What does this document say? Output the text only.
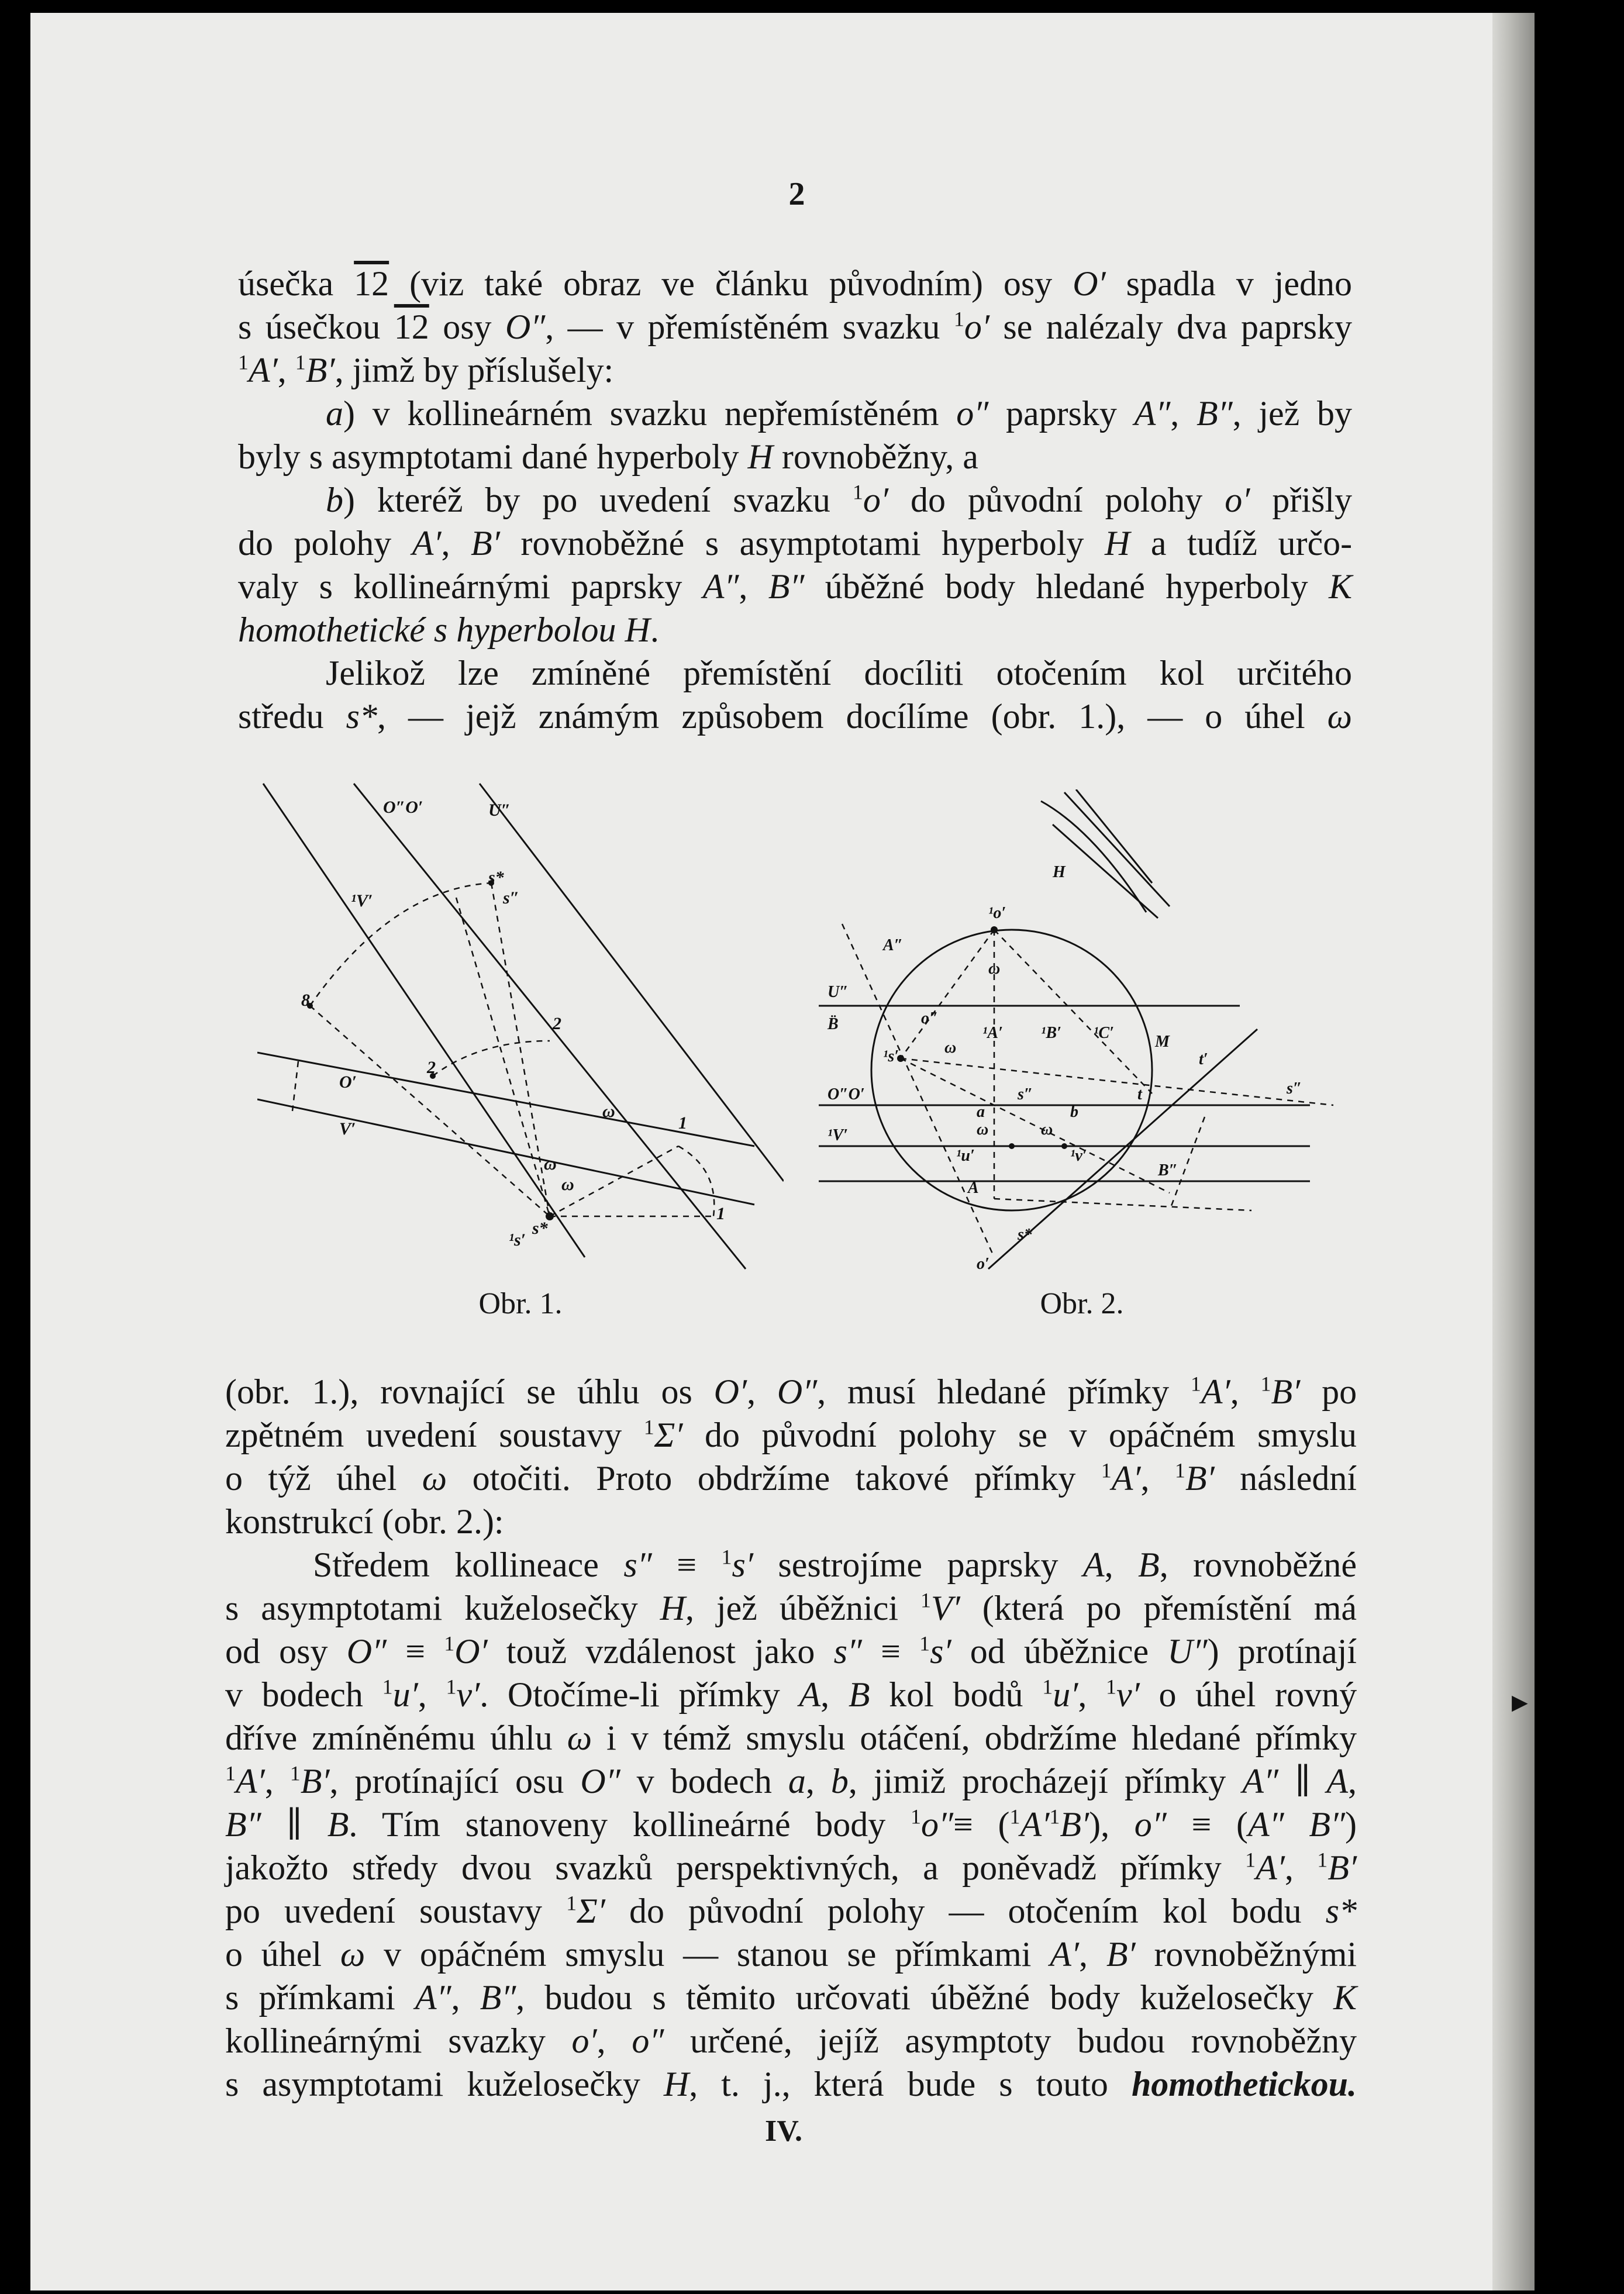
2
úsečka 12 (viz také obraz ve článku původním) osy O′ spadla v jedno
s úsečkou 12 osy O″, — v přemístěném svazku $^1$o′ se nalézaly dva paprsky
$^1$A′, $^1$B′, jimž by příslušely:
a) v kollineárném svazku nepřemístěném o″ paprsky A″, B″, jež by
byly s asymptotami dané hyperboly H rovnoběžny, a
b) kteréž by po uvedení svazku $^1$o′ do původní polohy o′ přišly
do polohy A′, B′ rovnoběžné s asymptotami hyperboly H a tudíž určo-
valy s kollineárnými paprsky A″, B″ úběžné body hledané hyperboly K
homothetické s hyperbolou H.
Jelikož lze zmíněné přemístění docíliti otočením kol určitého
středu s*, — jejž známým způsobem docílíme (obr. 1.), — o úhel ω
O″O′	U″
¹V′
s*
s″
8
O′
V′
2
2
1
1
ω
ω
ω
s*
¹s′
Obr. 1.
H
¹o′
A″
U″
B̈	o″
¹A′ ¹B′ ¹C′	M
¹s′
s″
O″O′
¹V′
a	b
t
t′
¹u′	¹v′
A
B″
s*
o′
ω
ω
ω	ω
s″
Obr. 2.
(obr. 1.), rovnající se úhlu os O′, O″, musí hledané přímky $^1$A′, $^1$B′ po
zpětném uvedení soustavy $^1$Σ′ do původní polohy se v opáčném smyslu
o týž úhel ω otočiti. Proto obdržíme takové přímky $^1$A′, $^1$B′ následní
konstrukcí (obr. 2.):
Středem kollineace s″ ≡ $^1$s′ sestrojíme paprsky A, B, rovnoběžné
s asymptotami kuželosečky H, jež úběžnici $^1$V′ (která po přemístění má
od osy O″ ≡ $^1$O′ touž vzdálenost jako s″ ≡ $^1$s′ od úběžnice U″) protínají
v bodech $^1$u′, $^1$v′. Otočíme-li přímky A, B kol bodů $^1$u′, $^1$v′ o úhel rovný
dříve zmíněnému úhlu ω i v témž smyslu otáčení, obdržíme hledané přímky
$^1$A′, $^1$B′, protínající osu O″ v bodech a, b, jimiž procházejí přímky A″ ∥ A,
B″ ∥ B. Tím stanoveny kollineárné body $^1o''\equiv (^1A'^1B')$, o″ ≡ (A″ B″)
jakožto středy dvou svazků perspektivných, a poněvadž přímky $^1$A′, $^1$B′
po uvedení soustavy $^1$Σ′ do původní polohy — otočením kol bodu s*
o úhel ω v opáčném smyslu — stanou se přímkami A′, B′ rovnoběžnými
s přímkami A″, B″, budou s těmito určovati úběžné body kuželosečky K
kollineárnými svazky o′, o″ určené, jejíž asymptoty budou rovnoběžny
s asymptotami kuželosečky H, t. j., která bude s touto homothetickou.
IV.
▶
